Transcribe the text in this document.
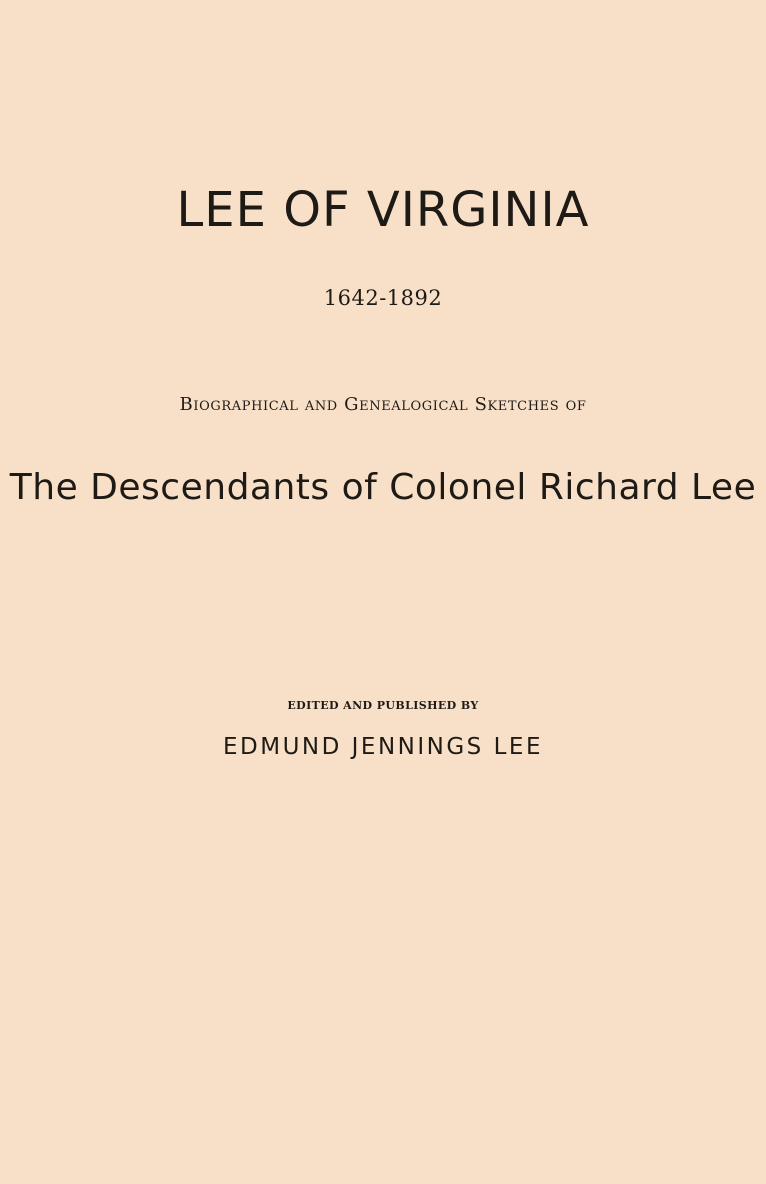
LEE OF VIRGINIA
1642-1892
Biographical and Genealogical Sketches of
The Descendants of Colonel Richard Lee
EDITED AND PUBLISHED BY
EDMUND JENNINGS LEE
